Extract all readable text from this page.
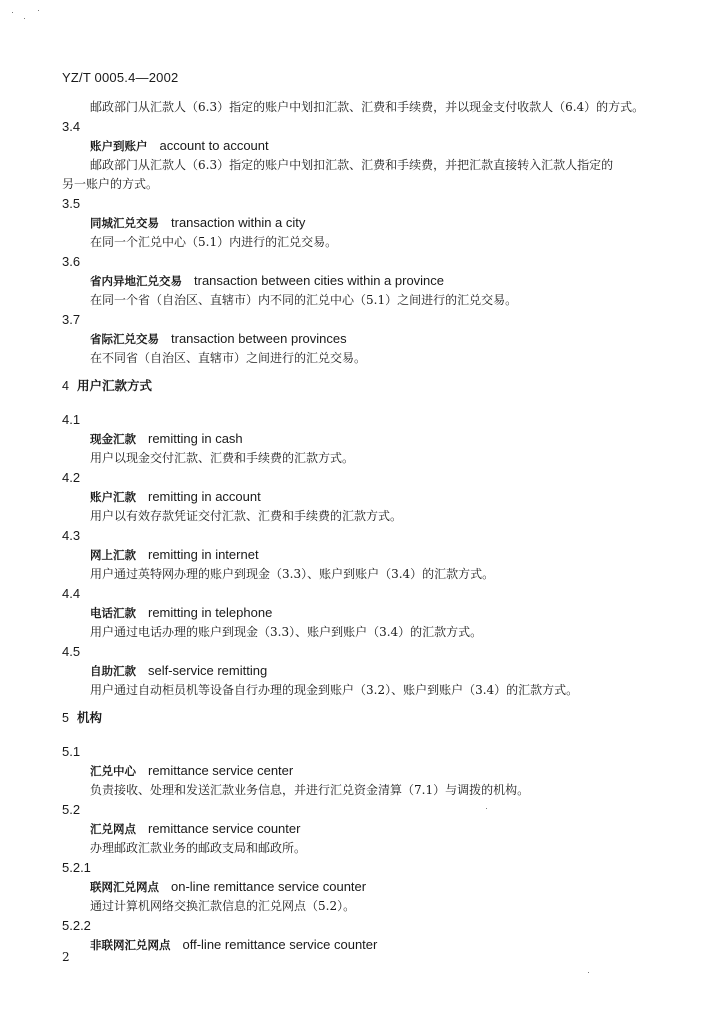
YZ/T 0005.4—2002

邮政部门从汇款人（6.3）指定的账户中划扣汇款、汇费和手续费，并以现金支付收款人（6.4）的方式。

3.4

账户到账户 account to account

邮政部门从汇款人（6.3）指定的账户中划扣汇款、汇费和手续费，并把汇款直接转入汇款人指定的

另一账户的方式。

3.5

同城汇兑交易 transaction within a city

在同一个汇兑中心（5.1）内进行的汇兑交易。

3.6

省内异地汇兑交易 transaction between cities within a province

在同一个省（自治区、直辖市）内不同的汇兑中心（5.1）之间进行的汇兑交易。

3.7

省际汇兑交易 transaction between provinces

在不同省（自治区、直辖市）之间进行的汇兑交易。

4 用户汇款方式

4.1

现金汇款 remitting in cash

用户以现金交付汇款、汇费和手续费的汇款方式。

4.2

账户汇款 remitting in account

用户以有效存款凭证交付汇款、汇费和手续费的汇款方式。

4.3

网上汇款 remitting in internet

用户通过英特网办理的账户到现金（3.3）、账户到账户（3.4）的汇款方式。

4.4

电话汇款 remitting in telephone

用户通过电话办理的账户到现金（3.3）、账户到账户（3.4）的汇款方式。

4.5

自助汇款 self-service remitting

用户通过自动柜员机等设备自行办理的现金到账户（3.2）、账户到账户（3.4）的汇款方式。

5 机构

5.1

汇兑中心 remittance service center

负责接收、处理和发送汇款业务信息，并进行汇兑资金清算（7.1）与调拨的机构。

5.2

汇兑网点 remittance service counter

办理邮政汇款业务的邮政支局和邮政所。

5.2.1

联网汇兑网点 on-line remittance service counter

通过计算机网络交换汇款信息的汇兑网点（5.2）。

5.2.2

非联网汇兑网点 off-line remittance service counter

2
